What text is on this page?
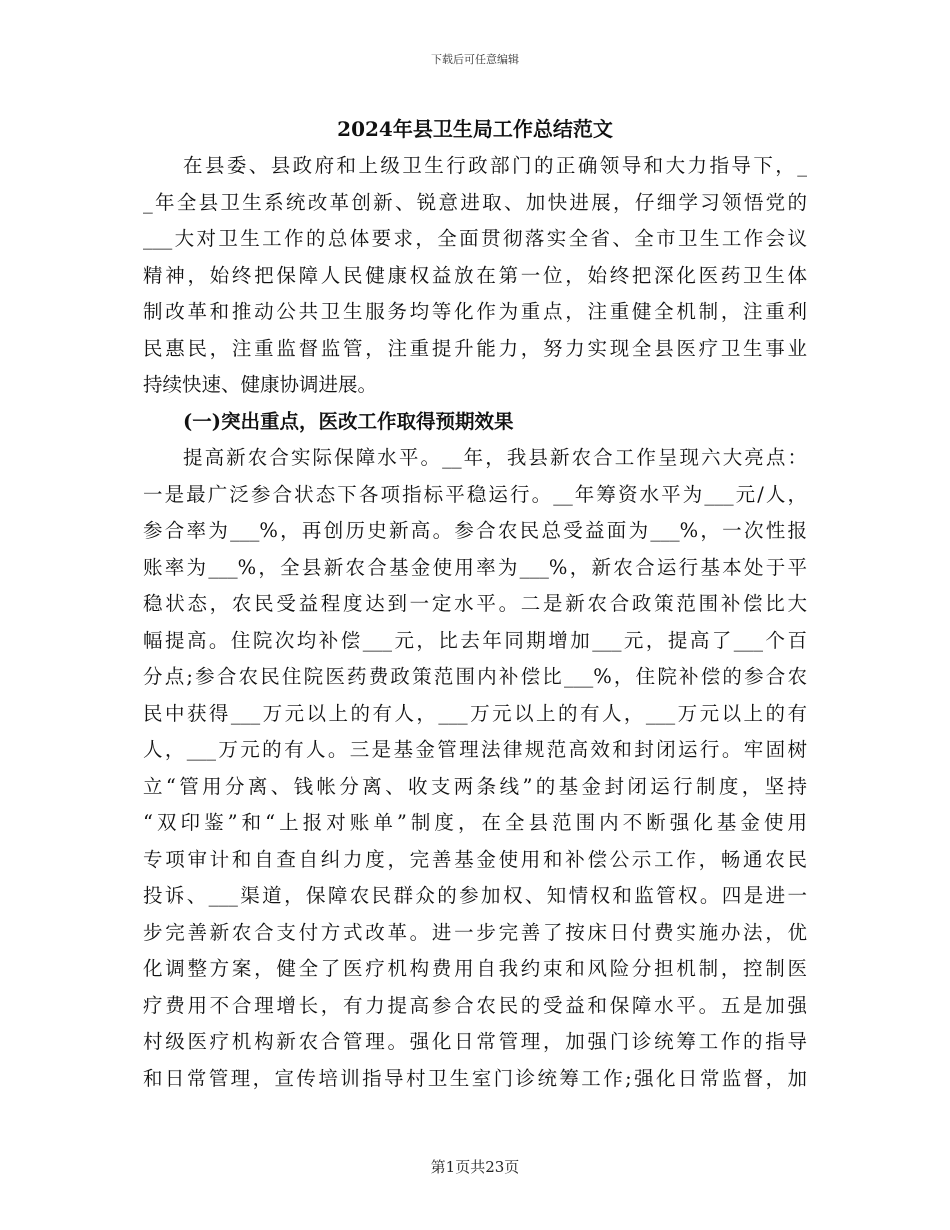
下载后可任意编辑
2024年县卫生局工作总结范文
在县委、县政府和上级卫生行政部门的正确领导和大力指导下，_
_年全县卫生系统改革创新、锐意进取、加快进展，仔细学习领悟党的
___大对卫生工作的总体要求，全面贯彻落实全省、全市卫生工作会议
精神，始终把保障人民健康权益放在第一位，始终把深化医药卫生体
制改革和推动公共卫生服务均等化作为重点，注重健全机制，注重利
民惠民，注重监督监管，注重提升能力，努力实现全县医疗卫生事业
持续快速、健康协调进展。
(一)突出重点，医改工作取得预期效果
提高新农合实际保障水平。__年，我县新农合工作呈现六大亮点：
一是最广泛参合状态下各项指标平稳运行。__年筹资水平为___元/人，
参合率为___%，再创历史新高。参合农民总受益面为___%，一次性报
账率为___%，全县新农合基金使用率为___%，新农合运行基本处于平
稳状态，农民受益程度达到一定水平。二是新农合政策范围补偿比大
幅提高。住院次均补偿___元，比去年同期增加___元，提高了___个百
分点;参合农民住院医药费政策范围内补偿比___%，住院补偿的参合农
民中获得___万元以上的有人，___万元以上的有人，___万元以上的有
人，___万元的有人。三是基金管理法律规范高效和封闭运行。牢固树
立“管用分离、钱帐分离、收支两条线”的基金封闭运行制度，坚持
“双印鉴”和“上报对账单”制度，在全县范围内不断强化基金使用
专项审计和自查自纠力度，完善基金使用和补偿公示工作，畅通农民
投诉、___渠道，保障农民群众的参加权、知情权和监管权。四是进一
步完善新农合支付方式改革。进一步完善了按床日付费实施办法，优
化调整方案，健全了医疗机构费用自我约束和风险分担机制，控制医
疗费用不合理增长，有力提高参合农民的受益和保障水平。五是加强
村级医疗机构新农合管理。强化日常管理，加强门诊统筹工作的指导
和日常管理，宣传培训指导村卫生室门诊统筹工作;强化日常监督，加
第1页共23页
